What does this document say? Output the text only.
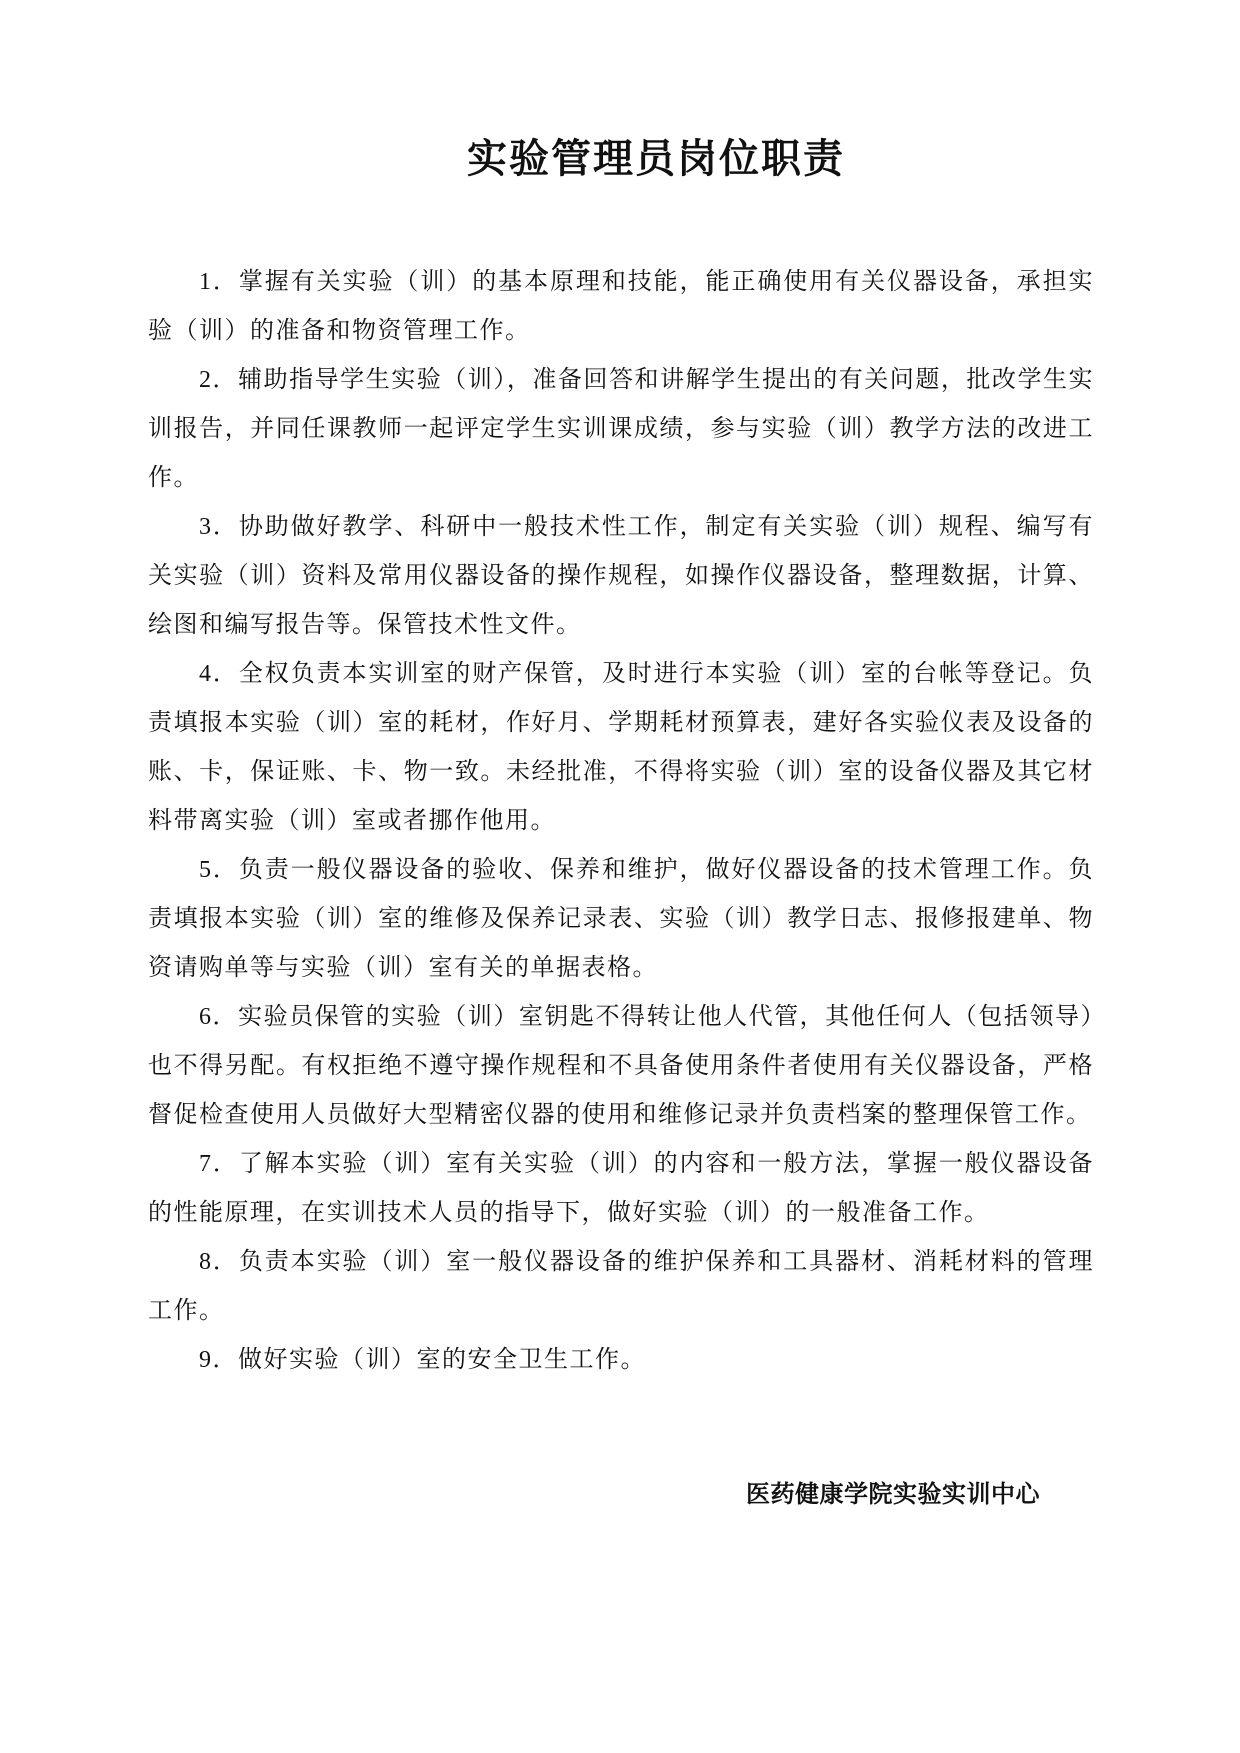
实验管理员岗位职责

1．掌握有关实验（训）的基本原理和技能，能正确使用有关仪器设备，承担实验（训）的准备和物资管理工作。

2．辅助指导学生实验（训），准备回答和讲解学生提出的有关问题，批改学生实训报告，并同任课教师一起评定学生实训课成绩，参与实验（训）教学方法的改进工作。

3．协助做好教学、科研中一般技术性工作，制定有关实验（训）规程、编写有关实验（训）资料及常用仪器设备的操作规程，如操作仪器设备，整理数据，计算、绘图和编写报告等。保管技术性文件。

4．全权负责本实训室的财产保管，及时进行本实验（训）室的台帐等登记。负责填报本实验（训）室的耗材，作好月、学期耗材预算表，建好各实验仪表及设备的账、卡，保证账、卡、物一致。未经批准，不得将实验（训）室的设备仪器及其它材料带离实验（训）室或者挪作他用。

5．负责一般仪器设备的验收、保养和维护，做好仪器设备的技术管理工作。负责填报本实验（训）室的维修及保养记录表、实验（训）教学日志、报修报建单、物资请购单等与实验（训）室有关的单据表格。

6．实验员保管的实验（训）室钥匙不得转让他人代管，其他任何人（包括领导）也不得另配。有权拒绝不遵守操作规程和不具备使用条件者使用有关仪器设备，严格督促检查使用人员做好大型精密仪器的使用和维修记录并负责档案的整理保管工作。

7．了解本实验（训）室有关实验（训）的内容和一般方法，掌握一般仪器设备的性能原理，在实训技术人员的指导下，做好实验（训）的一般准备工作。

8．负责本实验（训）室一般仪器设备的维护保养和工具器材、消耗材料的管理工作。

9．做好实验（训）室的安全卫生工作。

医药健康学院实验实训中心
